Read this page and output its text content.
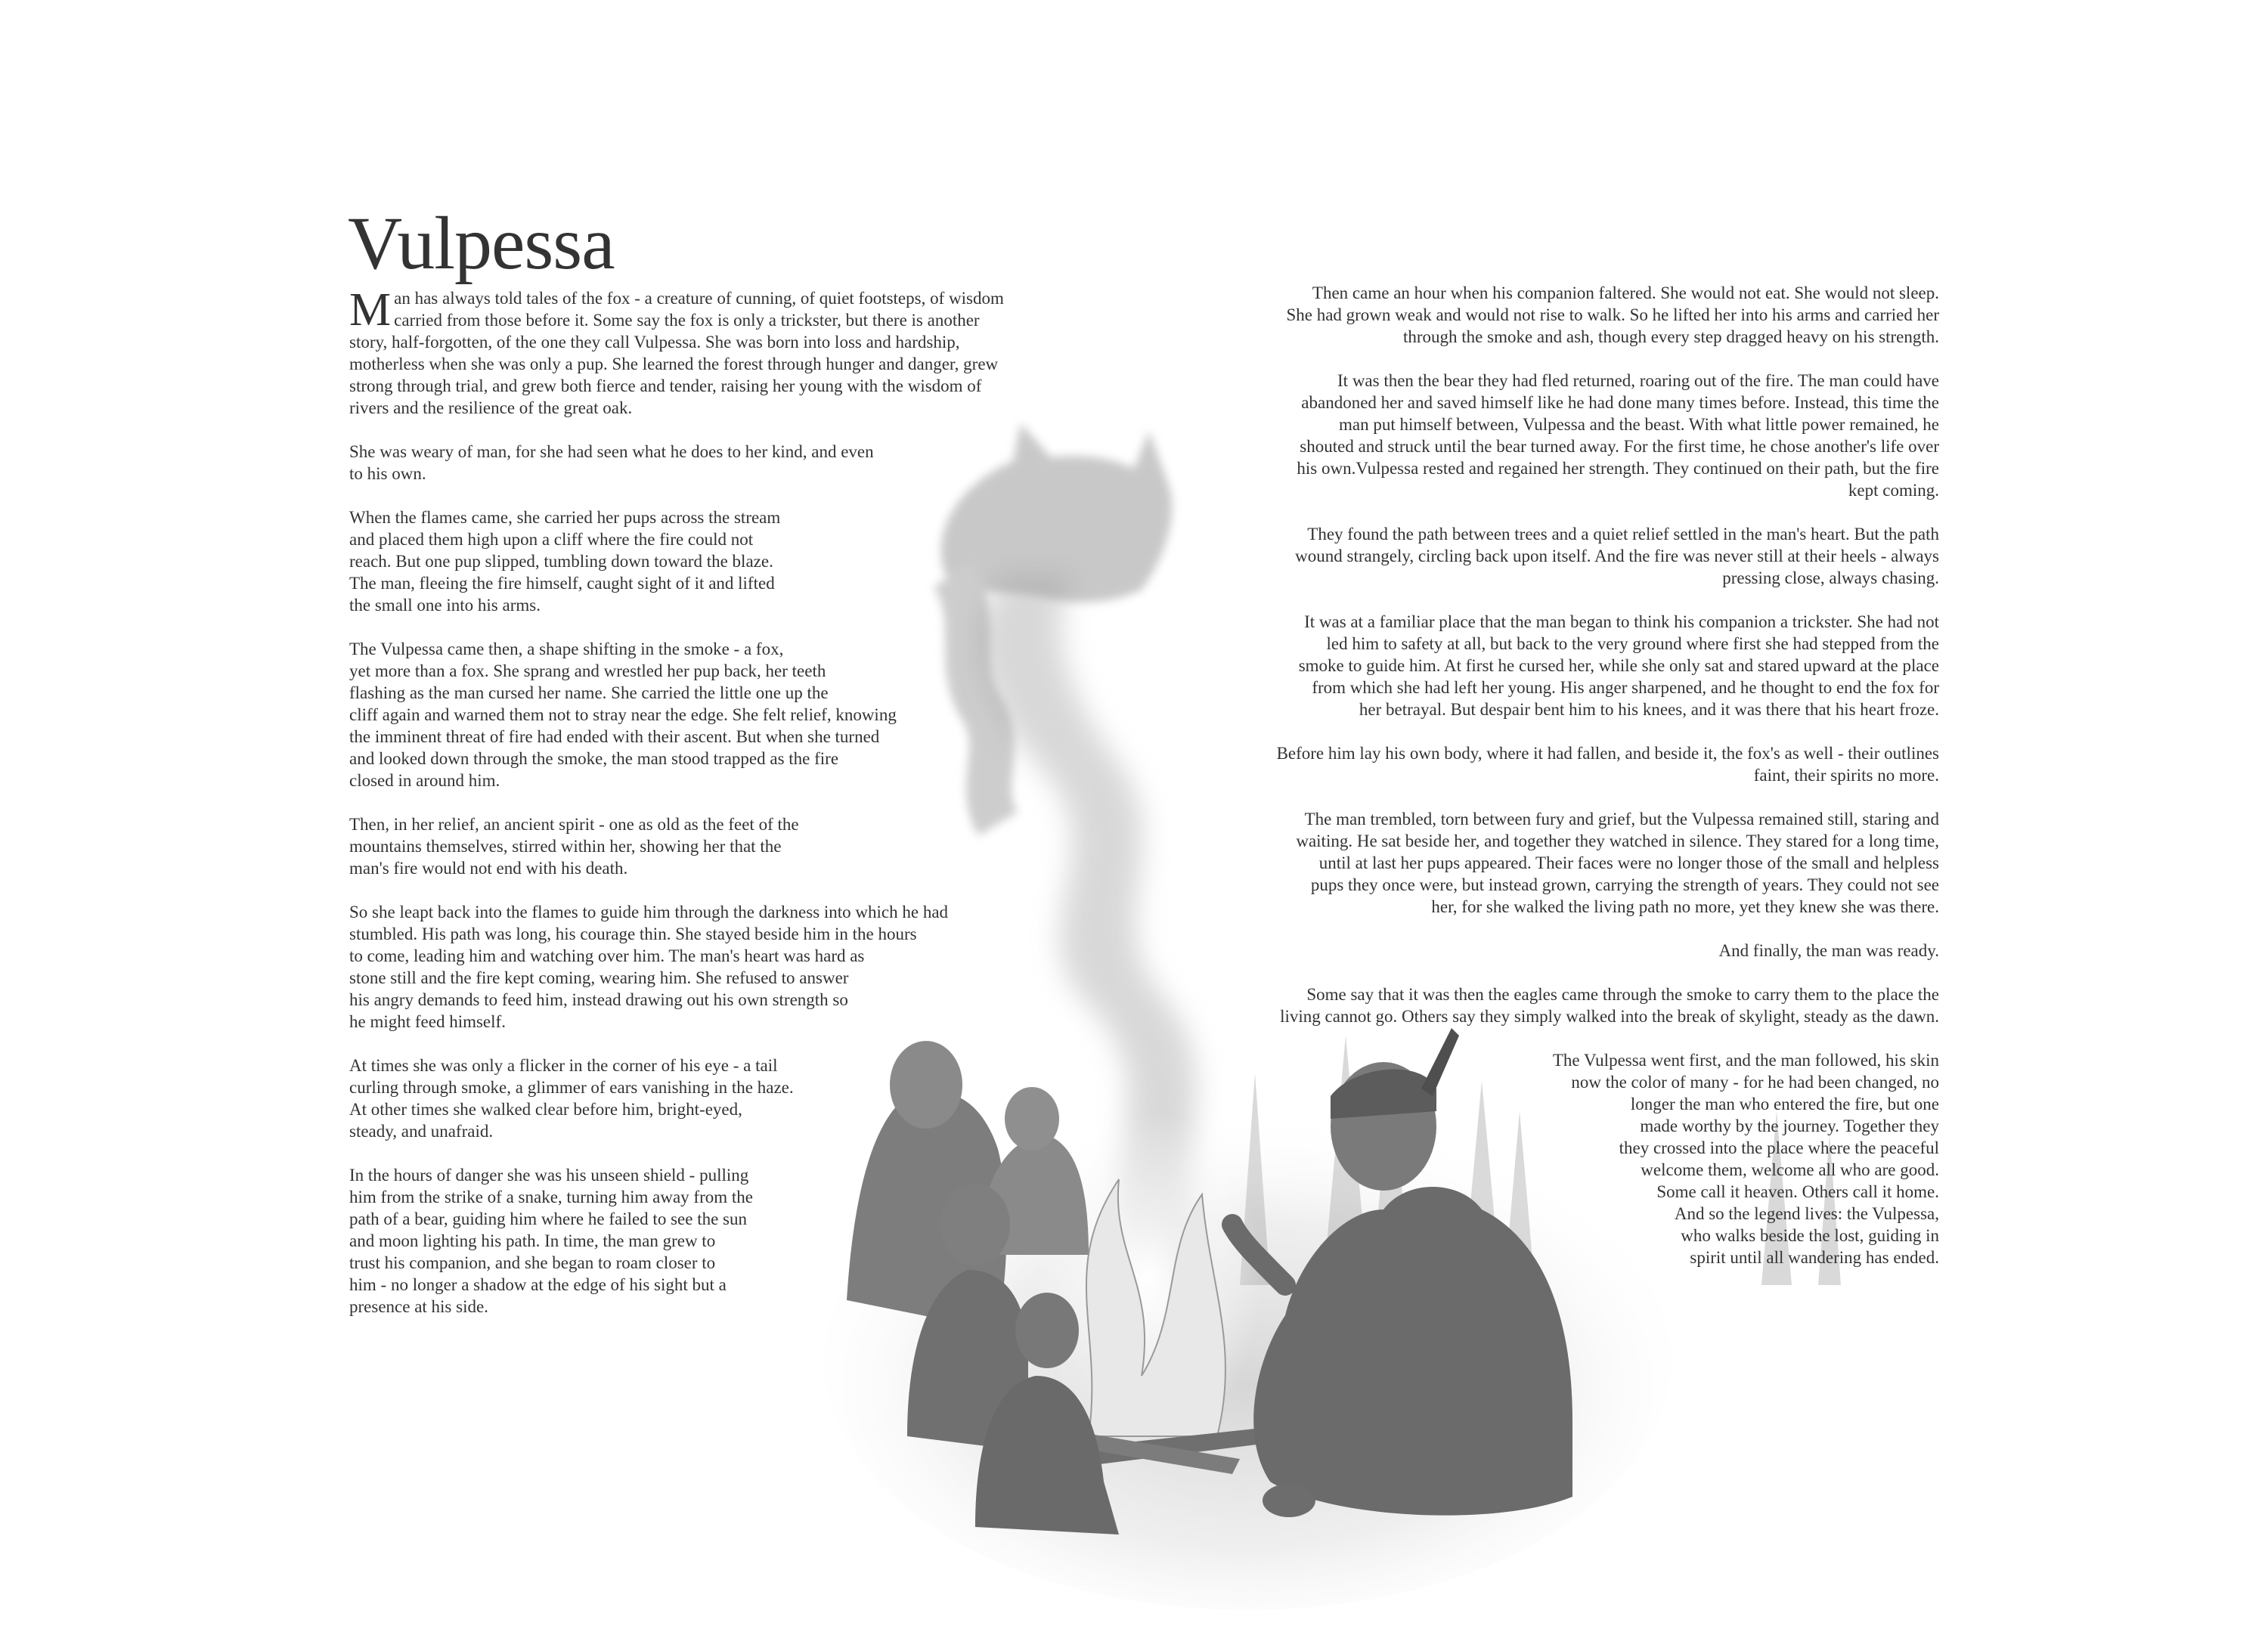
Vulpessa

M an has always told tales of the fox - a creature of cunning, of quiet footsteps, of wisdom
carried from those before it. Some say the fox is only a trickster, but there is another
story, half-forgotten, of the one they call Vulpessa. She was born into loss and hardship,
motherless when she was only a pup. She learned the forest through hunger and danger, grew
strong through trial, and grew both fierce and tender, raising her young with the wisdom of
rivers and the resilience of the great oak.

She was weary of man, for she had seen what he does to her kind, and even
to his own.

When the flames came, she carried her pups across the stream
and placed them high upon a cliff where the fire could not
reach. But one pup slipped, tumbling down toward the blaze.
The man, fleeing the fire himself, caught sight of it and lifted
the small one into his arms.

The Vulpessa came then, a shape shifting in the smoke - a fox,
yet more than a fox. She sprang and wrestled her pup back, her teeth
flashing as the man cursed her name. She carried the little one up the
cliff again and warned them not to stray near the edge. She felt relief, knowing
the imminent threat of fire had ended with their ascent. But when she turned
and looked down through the smoke, the man stood trapped as the fire
closed in around him.

Then, in her relief, an ancient spirit - one as old as the feet of the
mountains themselves, stirred within her, showing her that the
man's fire would not end with his death.

So she leapt back into the flames to guide him through the darkness into which he had
stumbled. His path was long, his courage thin. She stayed beside him in the hours
to come, leading him and watching over him. The man's heart was hard as
stone still and the fire kept coming, wearing him. She refused to answer
his angry demands to feed him, instead drawing out his own strength so
he might feed himself.

At times she was only a flicker in the corner of his eye - a tail
curling through smoke, a glimmer of ears vanishing in the haze.
At other times she walked clear before him, bright-eyed,
steady, and unafraid.

In the hours of danger she was his unseen shield - pulling
him from the strike of a snake, turning him away from the
path of a bear, guiding him where he failed to see the sun
and moon lighting his path. In time, the man grew to
trust his companion, and she began to roam closer to
him - no longer a shadow at the edge of his sight but a
presence at his side.

Then came an hour when his companion faltered. She would not eat. She would not sleep.
She had grown weak and would not rise to walk. So he lifted her into his arms and carried her
through the smoke and ash, though every step dragged heavy on his strength.

It was then the bear they had fled returned, roaring out of the fire. The man could have
abandoned her and saved himself like he had done many times before. Instead, this time the
man put himself between, Vulpessa and the beast. With what little power remained, he
shouted and struck until the bear turned away. For the first time, he chose another's life over
his own.Vulpessa rested and regained her strength. They continued on their path, but the fire
kept coming.

They found the path between trees and a quiet relief settled in the man's heart. But the path
wound strangely, circling back upon itself. And the fire was never still at their heels - always
pressing close, always chasing.

It was at a familiar place that the man began to think his companion a trickster. She had not
led him to safety at all, but back to the very ground where first she had stepped from the
smoke to guide him. At first he cursed her, while she only sat and stared upward at the place
from which she had left her young. His anger sharpened, and he thought to end the fox for
her betrayal. But despair bent him to his knees, and it was there that his heart froze.

Before him lay his own body, where it had fallen, and beside it, the fox's as well - their outlines
faint, their spirits no more.

The man trembled, torn between fury and grief, but the Vulpessa remained still, staring and
waiting. He sat beside her, and together they watched in silence. They stared for a long time,
until at last her pups appeared. Their faces were no longer those of the small and helpless
pups they once were, but instead grown, carrying the strength of years. They could not see
her, for she walked the living path no more, yet they knew she was there.

And finally, the man was ready.

Some say that it was then the eagles came through the smoke to carry them to the place the
living cannot go. Others say they simply walked into the break of skylight, steady as the dawn.

The Vulpessa went first, and the man followed, his skin
now the color of many - for he had been changed, no
longer the man who entered the fire, but one
made worthy by the journey. Together they
they crossed into the place where the peaceful
welcome them, welcome all who are good.
Some call it heaven. Others call it home.
And so the legend lives: the Vulpessa,
who walks beside the lost, guiding in
spirit until all wandering has ended.
